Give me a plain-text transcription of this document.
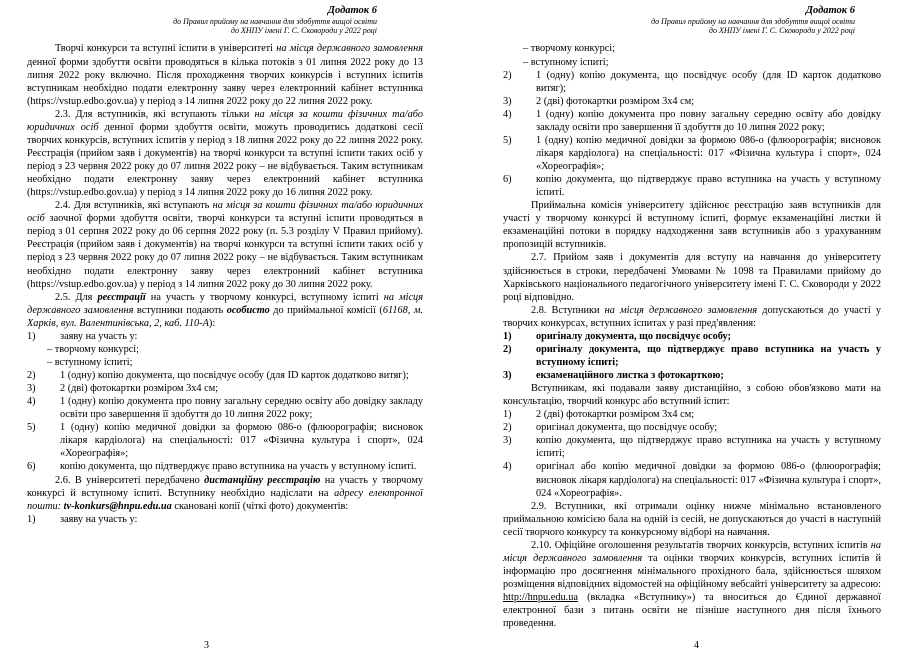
Додаток 6
до Правил прийому на навчання для здобуття вищої освіти
до ХНПУ імені Г. С. Сковороди у 2022 році

Творчі конкурси та вступні іспити в університеті на місця державного замовлення денної форми здобуття освіти проводяться в кілька потоків з 01 липня 2022 року до 13 липня 2022 року включно. Після проходження творчих конкурсів і вступних іспитів вступникам необхідно подати електронну заяву через електронний кабінет вступника (https://vstup.edbo.gov.ua) у період з 14 липня 2022 року до 22 липня 2022 року.

2.3. Для вступників, які вступають тільки на місця за кошти фізичних та/або юридичних осіб денної форми здобуття освіти, можуть проводитись додаткові сесії творчих конкурсів, вступних іспитів у період з 18 липня 2022 року до 22 липня 2022 року. Реєстрація (прийом заяв і документів) на творчі конкурси та вступні іспити таких осіб у період з 23 червня 2022 року до 07 липня 2022 року – не відбувається. Таким вступникам необхідно подати електронну заяву через електронний кабінет вступника (https://vstup.edbo.gov.ua) у період з 14 липня 2022 року до 16 липня 2022 року.

2.4. Для вступників, які вступають на місця за кошти фізичних та/або юридичних осіб заочної форми здобуття освіти, творчі конкурси та вступні іспити проводяться в період з 01 серпня 2022 року до 06 серпня 2022 року (п. 5.3 розділу V Правил прийому). Реєстрація (прийом заяв і документів) на творчі конкурси та вступні іспити таких осіб у період з 23 червня 2022 року до 07 липня 2022 року – не відбувається. Таким вступникам необхідно подати електронну заяву через електронний кабінет вступника (https://vstup.edbo.gov.ua) у період з 14 липня 2022 року до 30 липня 2022 року.

2.5. Для реєстрації на участь у творчому конкурсі, вступному іспиті на місця державного замовлення вступники подають особисто до приймальної комісії (61168, м. Харків, вул. Валентинівська, 2, каб. 110-А):

1) заяву на участь у:

– творчому конкурсі;

– вступному іспиті;

2) 1 (одну) копію документа, що посвідчує особу (для ID карток додатково витяг);

3) 2 (дві) фотокартки розміром 3х4 см;

4) 1 (одну) копію документа про повну загальну середню освіту або довідку закладу освіти про завершення її здобуття до 10 липня 2022 року;

5) 1 (одну) копію медичної довідки за формою 086-о (флюорографія; висновок лікаря кардіолога) на спеціальності: 017 «Фізична культура і спорт», 024 «Хореографія»;

6) копію документа, що підтверджує право вступника на участь у вступному іспиті.

2.6. В університеті передбачено дистанційну реєстрацію на участь у творчому конкурсі й вступному іспиті. Вступнику необхідно надіслати на адресу електронної пошти: tv-konkurs@hnpu.edu.ua скановані копії (чіткі фото) документів:

1) заяву на участь у:

3
Додаток 6
до Правил прийому на навчання для здобуття вищої освіти
до ХНПУ імені Г. С. Сковороди у 2022 році

– творчому конкурсі;

– вступному іспиті;

2) 1 (одну) копію документа, що посвідчує особу (для ID карток додатково витяг);

3) 2 (дві) фотокартки розміром 3х4 см;

4) 1 (одну) копію документа про повну загальну середню освіту або довідку закладу освіти про завершення її здобуття до 10 липня 2022 року;

5) 1 (одну) копію медичної довідки за формою 086-о (флюорографія; висновок лікаря кардіолога) на спеціальності: 017 «Фізична культура і спорт», 024 «Хореографія»;

6) копію документа, що підтверджує право вступника на участь у вступному іспиті.

Приймальна комісія університету здійснює реєстрацію заяв вступників для участі у творчому конкурсі й вступному іспиті, формує екзаменаційні листки й екзаменаційні потоки в порядку надходження заяв вступників або з урахуванням пропозицій вступників.

2.7. Прийом заяв і документів для вступу на навчання до університету здійснюється в строки, передбачені Умовами № 1098 та Правилами прийому до Харківського національного педагогічного університету імені Г. С. Сковороди у 2022 році відповідно.

2.8. Вступники на місця державного замовлення допускаються до участі у творчих конкурсах, вступних іспитах у разі пред'явлення:

1) оригіналу документа, що посвідчує особу;

2) оригіналу документа, що підтверджує право вступника на участь у вступному іспиті;

3) екзаменаційного листка з фотокарткою;

Вступникам, які подавали заяву дистанційно, з собою обов'язково мати на консультацію, творчий конкурс або вступний іспит:

1) 2 (дві) фотокартки розміром 3х4 см;

2) оригінал документа, що посвідчує особу;

3) копію документа, що підтверджує право вступника на участь у вступному іспиті;

4) оригінал або копію медичної довідки за формою 086-о (флюорографія; висновок лікаря кардіолога) на спеціальності: 017 «Фізична культура і спорт», 024 «Хореографія».

2.9. Вступники, які отримали оцінку нижче мінімально встановленого приймальною комісією бала на одній із сесій, не допускаються до участі в наступній сесії творчого конкурсу та конкурсному відборі на навчання.

2.10. Офіційне оголошення результатів творчих конкурсів, вступних іспитів на місця державного замовлення та оцінки творчих конкурсів, вступних іспитів й інформацію про досягнення мінімального прохідного бала, здійснюється шляхом розміщення відповідних відомостей на офіційному вебсайті університету за адресою: http://hnpu.edu.ua (вкладка «Вступнику») та вноситься до Єдиної державної електронної бази з питань освіти не пізніше наступного дня після їхнього проведення.

4
